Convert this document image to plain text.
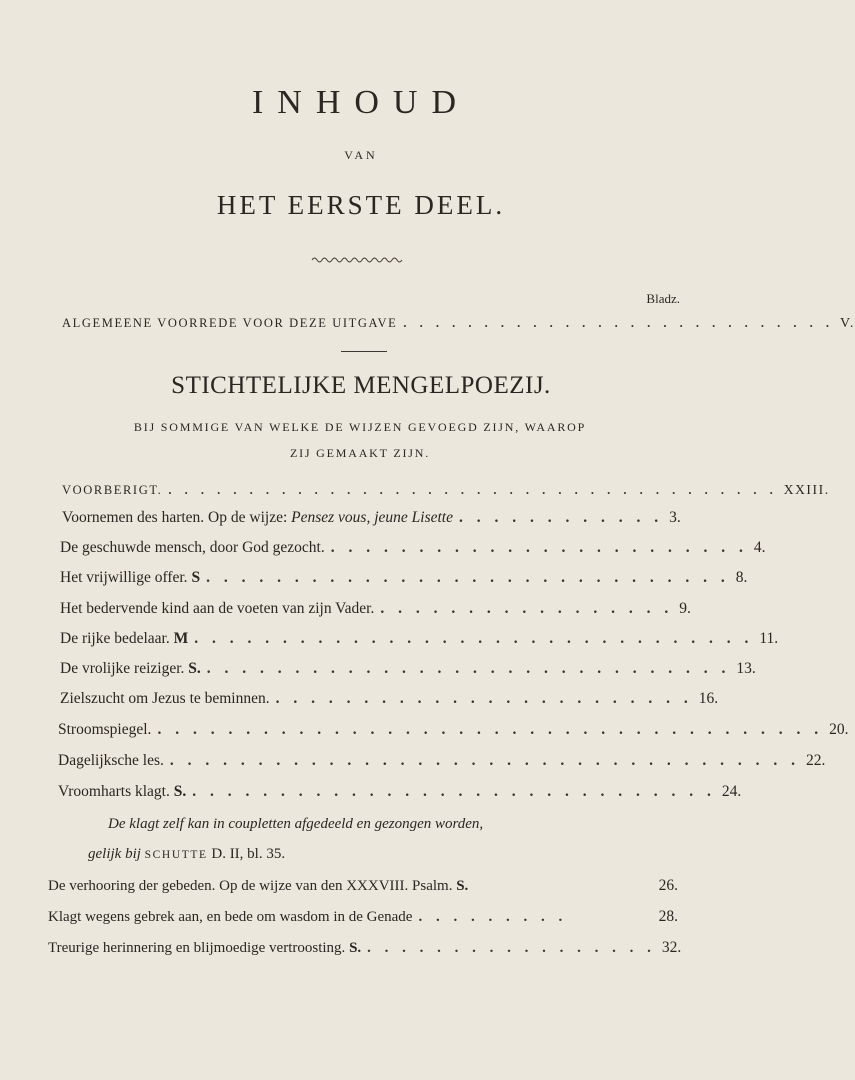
INHOUD
VAN
HET EERSTE DEEL.
Bladz.
ALGEMEENE VOORREDE VOOR DEZE UITGAVE . . . . . . . . . . . . . . . . . . . . . . . . . . . V.
STICHTELIJKE MENGELPOEZIJ.
BIJ SOMMIGE VAN WELKE DE WIJZEN GEVOEGD ZIJN, WAAROP
ZIJ GEMAAKT ZIJN.
VOORBERIGT. . . . . . . . . . . . . . . . . . . . . . . . . . . . . . . . . . . . . . . XXIII.
Voornemen des harten. Op de wijze: Pensez vous, jeune Lisette . . . . . . . . . . . . 3.
De geschuwde mensch, door God gezocht. . . . . . . . . . . . . . . . . . . . . . . . . 4.
Het vrijwillige offer. S . . . . . . . . . . . . . . . . . . . . . . . . . . . . . . 8.
Het bedervende kind aan de voeten van zijn Vader. . . . . . . . . . . . . . . . . . 9.
De rijke bedelaar. M . . . . . . . . . . . . . . . . . . . . . . . . . . . . . . . . 11.
De vrolijke reiziger. S. . . . . . . . . . . . . . . . . . . . . . . . . . . . . . . 13.
Zielszucht om Jezus te beminnen. . . . . . . . . . . . . . . . . . . . . . . . . 16.
Stroomspiegel. . . . . . . . . . . . . . . . . . . . . . . . . . . . . . . . . . . . . . . 20.
Dagelijksche les. . . . . . . . . . . . . . . . . . . . . . . . . . . . . . . . . . . . . 22.
Vroomharts klagt. S. . . . . . . . . . . . . . . . . . . . . . . . . . . . . . . 24.
De klagt zelf kan in coupletten afgedeeld en gezongen worden,
gelijk bij SCHUTTE D. II, bl. 35.
De verhooring der gebeden. Op de wijze van den XXXVIII. Psalm. S.	26.
Klagt wegens gebrek aan, en bede om wasdom in de Genade . . . . . . . . .	28.
Treurige herinnering en blijmoedige vertroosting. S. . . . . . . . . . . . . . . . . . 32.
